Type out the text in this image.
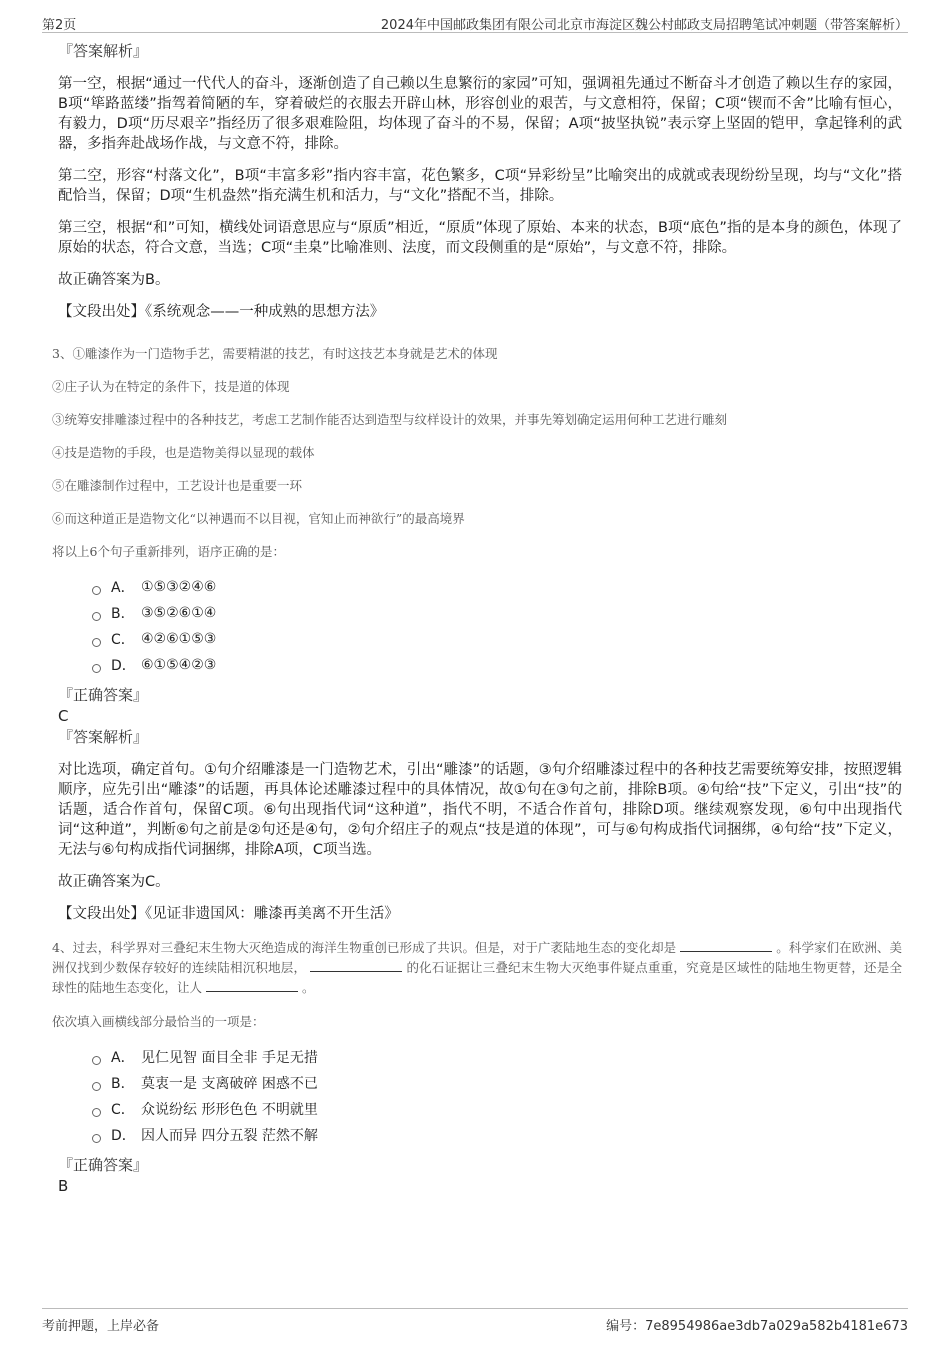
第2页	2024年中国邮政集团有限公司北京市海淀区魏公村邮政支局招聘笔试冲刺题（带答案解析）
『答案解析』
第一空，根据“通过一代代人的奋斗，逐渐创造了自己赖以生息繁衍的家园”可知，强调祖先通过不断奋斗才创造了赖以生存的家园，B项“筚路蓝缕”指驾着简陋的车，穿着破烂的衣服去开辟山林，形容创业的艰苦，与文意相符，保留；C项“锲而不舍”比喻有恒心，有毅力，D项“历尽艰辛”指经历了很多艰难险阻，均体现了奋斗的不易，保留；A项“披坚执锐”表示穿上坚固的铠甲，拿起锋利的武器，多指奔赴战场作战，与文意不符，排除。
第二空，形容“村落文化”，B项“丰富多彩”指内容丰富，花色繁多，C项“异彩纷呈”比喻突出的成就或表现纷纷呈现，均与“文化”搭配恰当，保留；D项“生机盎然”指充满生机和活力，与“文化”搭配不当，排除。
第三空，根据“和”可知，横线处词语意思应与“原质”相近，“原质”体现了原始、本来的状态，B项“底色”指的是本身的颜色，体现了原始的状态，符合文意，当选；C项“圭臬”比喻准则、法度，而文段侧重的是“原始”，与文意不符，排除。
故正确答案为B。
【文段出处】《系统观念——一种成熟的思想方法》
3、①雕漆作为一门造物手艺，需要精湛的技艺，有时这技艺本身就是艺术的体现
②庄子认为在特定的条件下，技是道的体现
③统筹安排雕漆过程中的各种技艺，考虑工艺制作能否达到造型与纹样设计的效果，并事先筹划确定运用何种工艺进行雕刻
④技是造物的手段，也是造物美得以显现的载体
⑤在雕漆制作过程中，工艺设计也是重要一环
⑥而这种道正是造物文化“以神遇而不以目视，官知止而神欲行”的最高境界
将以上6个句子重新排列，语序正确的是：
A． ①⑤③②④⑥
B． ③⑤②⑥①④
C． ④②⑥①⑤③
D． ⑥①⑤④②③
『正确答案』
C
『答案解析』
对比选项，确定首句。①句介绍雕漆是一门造物艺术，引出“雕漆”的话题，③句介绍雕漆过程中的各种技艺需要统筹安排，按照逻辑顺序，应先引出“雕漆”的话题，再具体论述雕漆过程中的具体情况，故①句在③句之前，排除B项。④句给“技”下定义，引出“技”的话题，适合作首句，保留C项。⑥句出现指代词“这种道”，指代不明，不适合作首句，排除D项。继续观察发现，⑥句中出现指代词“这种道”，判断⑥句之前是②句还是④句，②句介绍庄子的观点“技是道的体现”，可与⑥句构成指代词捆绑，④句给“技”下定义，无法与⑥句构成指代词捆绑，排除A项，C项当选。
故正确答案为C。
【文段出处】《见证非遗国风：雕漆再美离不开生活》
4、过去，科学界对三叠纪末生物大灭绝造成的海洋生物重创已形成了共识。但是，对于广袤陆地生态的变化却是	。科学家们在欧洲、美洲仅找到少数保存较好的连续陆相沉积地层，	的化石证据让三叠纪末生物大灭绝事件疑点重重，究竟是区域性的陆地生物更替，还是全球性的陆地生态变化，让人	。
依次填入画横线部分最恰当的一项是：
A． 见仁见智 面目全非 手足无措
B． 莫衷一是 支离破碎 困惑不已
C． 众说纷纭 形形色色 不明就里
D． 因人而异 四分五裂 茫然不解
『正确答案』
B
考前押题，上岸必备	编号：7e8954986ae3db7a029a582b4181e673
